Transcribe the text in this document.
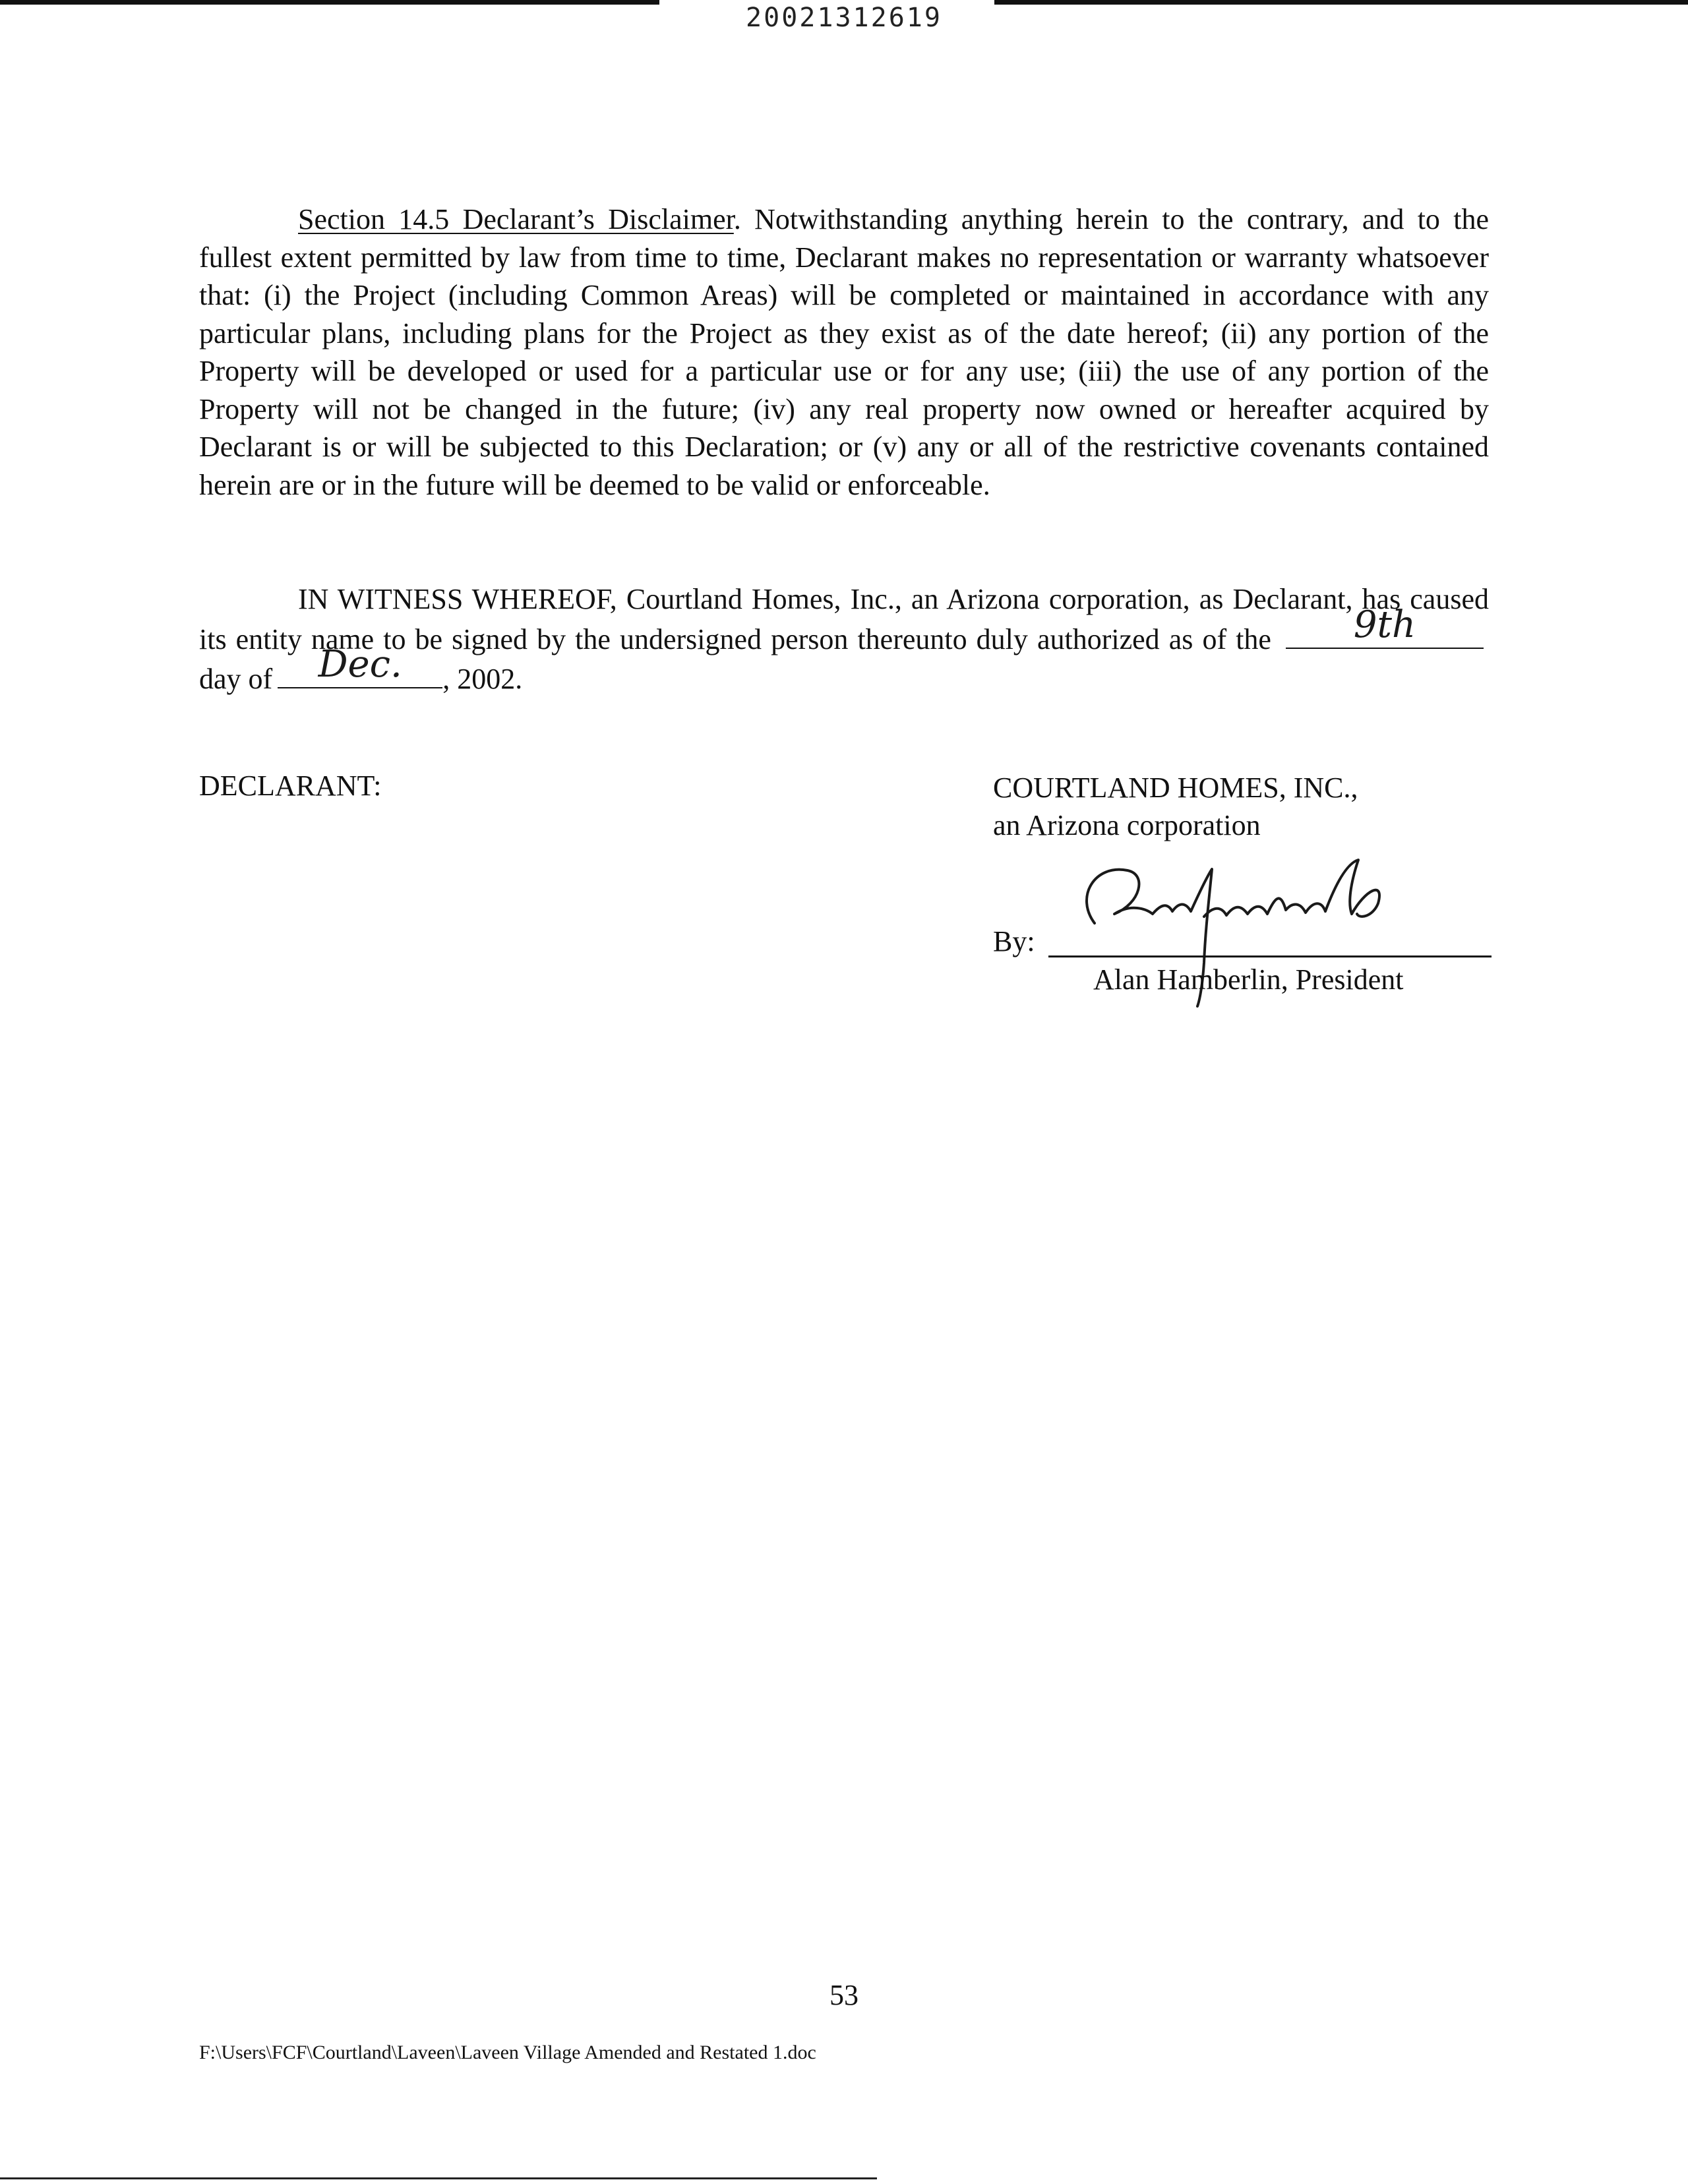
20021312619

Section 14.5 Declarant’s Disclaimer. Notwithstanding anything herein to the contrary, and to the fullest extent permitted by law from time to time, Declarant makes no representation or warranty whatsoever that: (i) the Project (including Common Areas) will be completed or maintained in accordance with any particular plans, including plans for the Project as they exist as of the date hereof; (ii) any portion of the Property will be developed or used for a particular use or for any use; (iii) the use of any portion of the Property will not be changed in the future; (iv) any real property now owned or hereafter acquired by Declarant is or will be subjected to this Declaration; or (v) any or all of the restrictive covenants contained herein are or in the future will be deemed to be valid or enforceable.

IN WITNESS WHEREOF, Courtland Homes, Inc., an Arizona corporation, as Declarant, has caused its entity name to be signed by the undersigned person thereunto duly authorized as of the	9th
day of	Dec.	, 2002.

DECLARANT:	COURTLAND HOMES, INC.,
an Arizona corporation
By:
Alan Hamberlin, President
53
F:\Users\FCF\Courtland\Laveen\Laveen Village Amended and Restated 1.doc
